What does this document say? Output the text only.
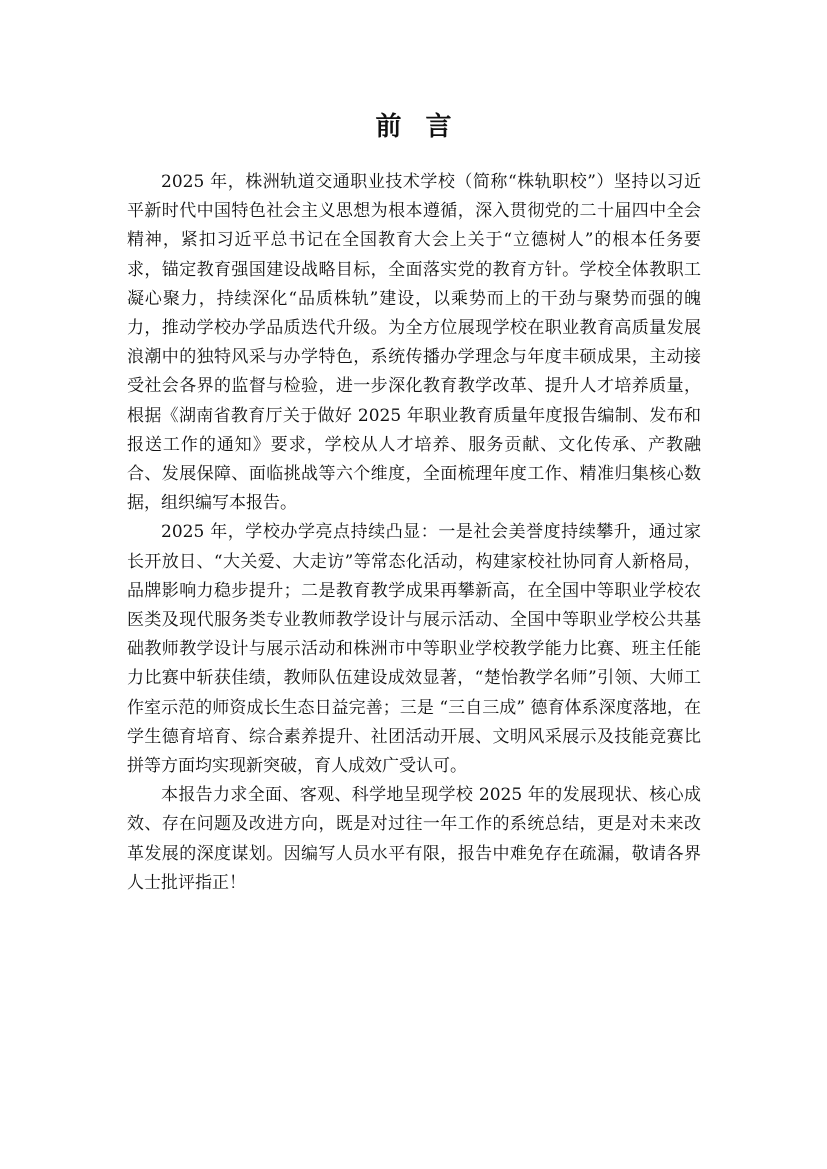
前言

2025 年，株洲轨道交通职业技术学校（简称“株轨职校”）坚持以习近平新时代中国特色社会主义思想为根本遵循，深入贯彻党的二十届四中全会精神，紧扣习近平总书记在全国教育大会上关于“立德树人”的根本任务要求，锚定教育强国建设战略目标，全面落实党的教育方针。学校全体教职工凝心聚力，持续深化“品质株轨”建设，以乘势而上的干劲与聚势而强的魄力，推动学校办学品质迭代升级。为全方位展现学校在职业教育高质量发展浪潮中的独特风采与办学特色，系统传播办学理念与年度丰硕成果，主动接受社会各界的监督与检验，进一步深化教育教学改革、提升人才培养质量，根据《湖南省教育厅关于做好 2025 年职业教育质量年度报告编制、发布和报送工作的通知》要求，学校从人才培养、服务贡献、文化传承、产教融合、发展保障、面临挑战等六个维度，全面梳理年度工作、精准归集核心数据，组织编写本报告。

2025 年，学校办学亮点持续凸显：一是社会美誉度持续攀升，通过家长开放日、“大关爱、大走访”等常态化活动，构建家校社协同育人新格局，品牌影响力稳步提升；二是教育教学成果再攀新高，在全国中等职业学校农医类及现代服务类专业教师教学设计与展示活动、全国中等职业学校公共基础教师教学设计与展示活动和株洲市中等职业学校教学能力比赛、班主任能力比赛中斩获佳绩，教师队伍建设成效显著，“楚怡教学名师”引领、大师工作室示范的师资成长生态日益完善；三是 “三自三成” 德育体系深度落地，在学生德育培育、综合素养提升、社团活动开展、文明风采展示及技能竞赛比拼等方面均实现新突破，育人成效广受认可。

本报告力求全面、客观、科学地呈现学校 2025 年的发展现状、核心成效、存在问题及改进方向，既是对过往一年工作的系统总结，更是对未来改革发展的深度谋划。因编写人员水平有限，报告中难免存在疏漏，敬请各界人士批评指正！
